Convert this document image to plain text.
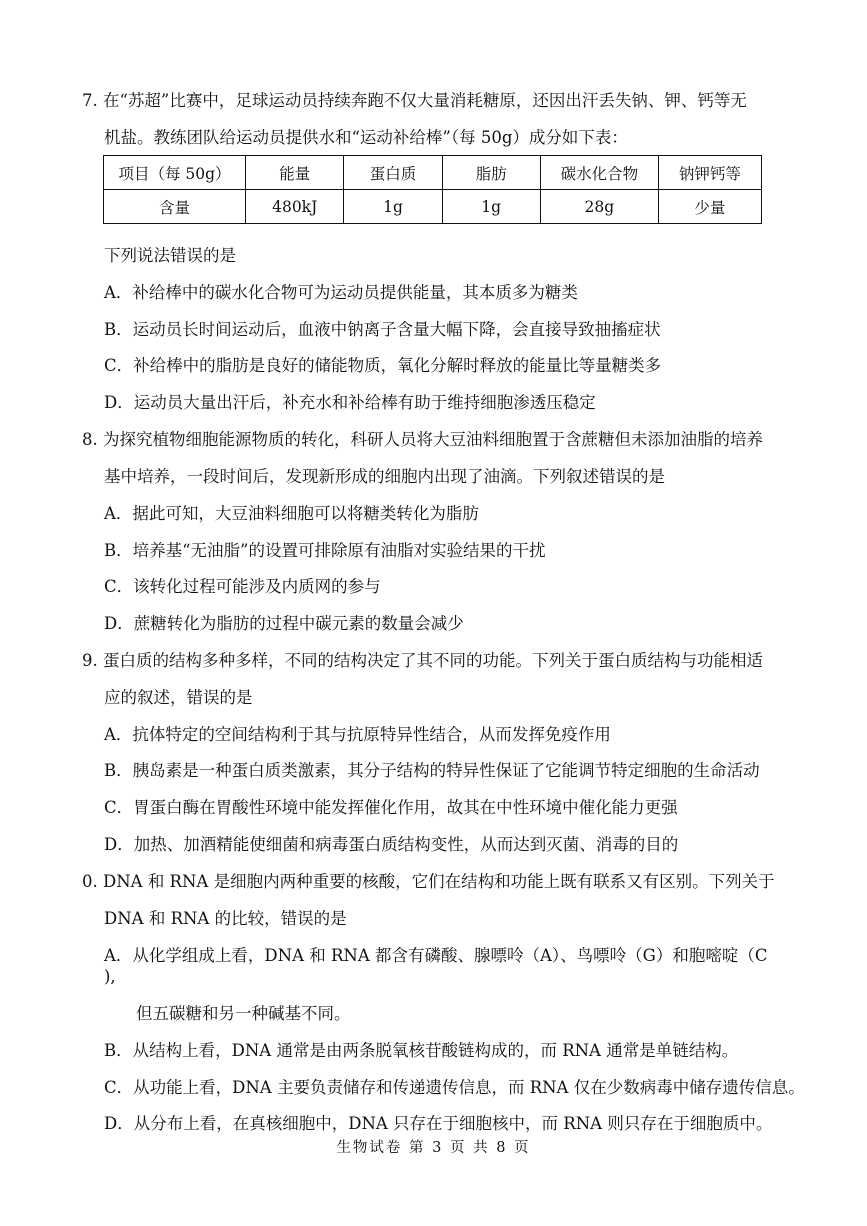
7. 在“苏超”比赛中，足球运动员持续奔跑不仅大量消耗糖原，还因出汗丢失钠、钾、钙等无
机盐。教练团队给运动员提供水和“运动补给棒”（每 50g）成分如下表：
项目（每 50g）	能量	蛋白质	脂肪	碳水化合物	钠钾钙等
含量	480kJ	1g	1g	28g	少量
下列说法错误的是
A．补给棒中的碳水化合物可为运动员提供能量，其本质多为糖类
B．运动员长时间运动后，血液中钠离子含量大幅下降，会直接导致抽搐症状
C．补给棒中的脂肪是良好的储能物质，氧化分解时释放的能量比等量糖类多
D．运动员大量出汗后，补充水和补给棒有助于维持细胞渗透压稳定
8. 为探究植物细胞能源物质的转化，科研人员将大豆油料细胞置于含蔗糖但未添加油脂的培养
基中培养，一段时间后，发现新形成的细胞内出现了油滴。下列叙述错误的是
A．据此可知，大豆油料细胞可以将糖类转化为脂肪
B．培养基“无油脂”的设置可排除原有油脂对实验结果的干扰
C．该转化过程可能涉及内质网的参与
D．蔗糖转化为脂肪的过程中碳元素的数量会减少
9. 蛋白质的结构多种多样，不同的结构决定了其不同的功能。下列关于蛋白质结构与功能相适
应的叙述，错误的是
A．抗体特定的空间结构利于其与抗原特异性结合，从而发挥免疫作用
B．胰岛素是一种蛋白质类激素，其分子结构的特异性保证了它能调节特定细胞的生命活动
C．胃蛋白酶在胃酸性环境中能发挥催化作用，故其在中性环境中催化能力更强
D．加热、加酒精能使细菌和病毒蛋白质结构变性，从而达到灭菌、消毒的目的
0. DNA 和 RNA 是细胞内两种重要的核酸，它们在结构和功能上既有联系又有区别。下列关于
DNA 和 RNA 的比较，错误的是
A．从化学组成上看，DNA 和 RNA 都含有磷酸、腺嘌呤（A）、鸟嘌呤（G）和胞嘧啶（C
),
但五碳糖和另一种碱基不同。
B．从结构上看，DNA 通常是由两条脱氧核苷酸链构成的，而 RNA 通常是单链结构。
C．从功能上看，DNA 主要负责储存和传递遗传信息，而 RNA 仅在少数病毒中储存遗传信息。
D．从分布上看，在真核细胞中，DNA 只存在于细胞核中，而 RNA 则只存在于细胞质中。
生物试卷 第 3 页 共 8 页
